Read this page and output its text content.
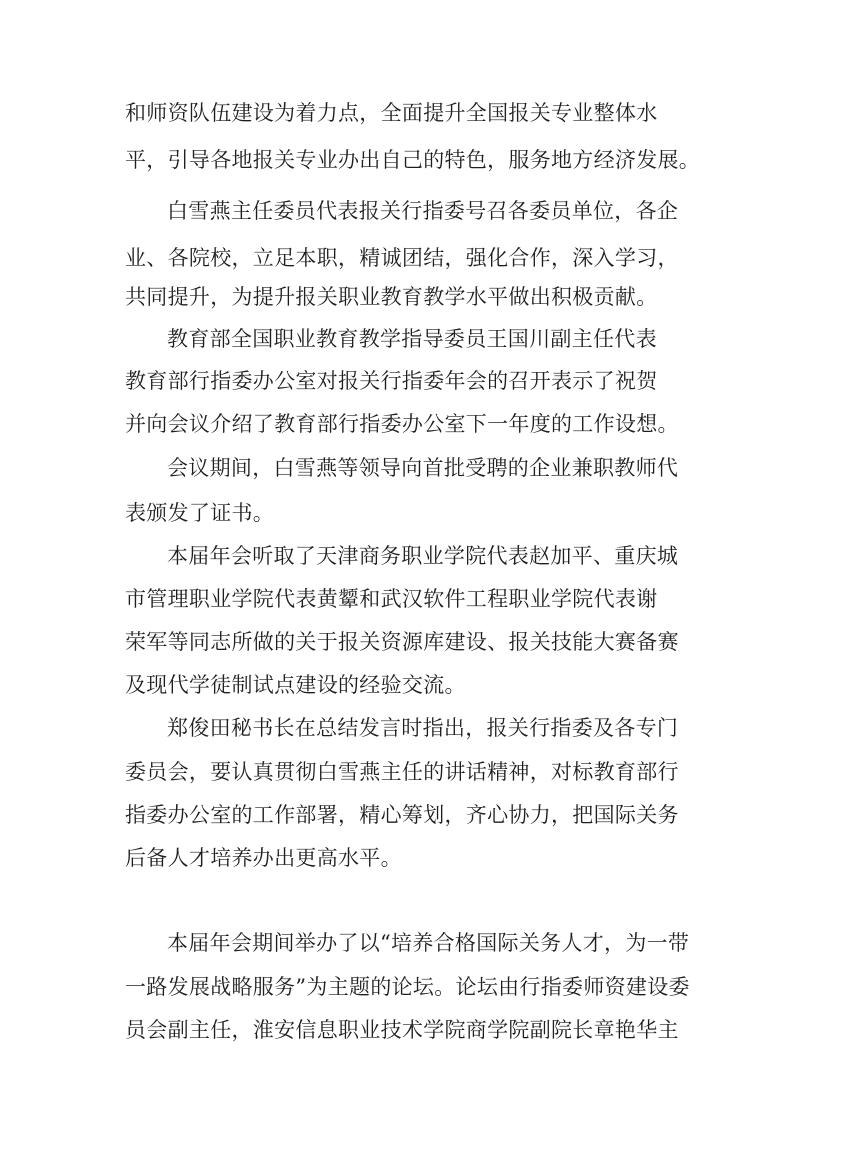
和师资队伍建设为着力点，全面提升全国报关专业整体水
平，引导各地报关专业办出自己的特色，服务地方经济发展。
白雪燕主任委员代表报关行指委号召各委员单位，各企
业、各院校，立足本职，精诚团结，强化合作，深入学习，
共同提升，为提升报关职业教育教学水平做出积极贡献。
教育部全国职业教育教学指导委员王国川副主任代表
教育部行指委办公室对报关行指委年会的召开表示了祝贺
并向会议介绍了教育部行指委办公室下一年度的工作设想。
会议期间，白雪燕等领导向首批受聘的企业兼职教师代
表颁发了证书。
本届年会听取了天津商务职业学院代表赵加平、重庆城
市管理职业学院代表黄颦和武汉软件工程职业学院代表谢
荣军等同志所做的关于报关资源库建设、报关技能大赛备赛
及现代学徒制试点建设的经验交流。
郑俊田秘书长在总结发言时指出，报关行指委及各专门
委员会，要认真贯彻白雪燕主任的讲话精神，对标教育部行
指委办公室的工作部署，精心筹划，齐心协力，把国际关务
后备人才培养办出更高水平。
本届年会期间举办了以“培养合格国际关务人才，为一带
一路发展战略服务”为主题的论坛。论坛由行指委师资建设委
员会副主任，淮安信息职业技术学院商学院副院长章艳华主
